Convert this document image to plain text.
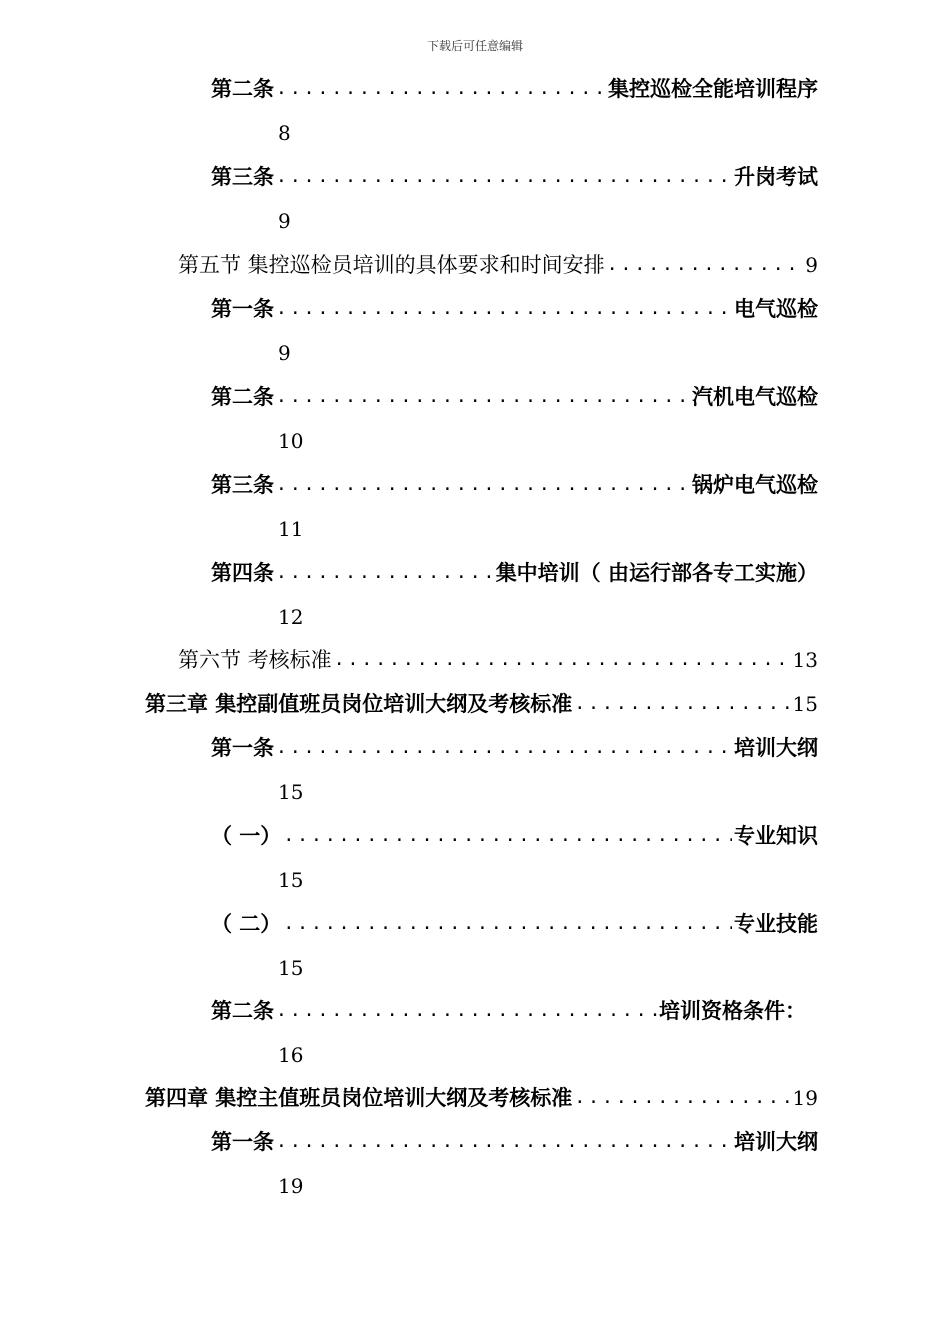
下载后可任意编辑
第二条 .....	集控巡检全能培训程序
8
第三条 .....	升岗考试
9
第五节 集控巡检员培训的具体要求和时间安排 .....	9
第一条 .....	电气巡检
9
第二条 .....	汽机电气巡检
10
第三条 .....	锅炉电气巡检
11
第四条 .....	集中培训（ 由运行部各专工实施）
12
第六节 考核标准 .....	13
第三章 集控副值班员岗位培训大纲及考核标准 .....	15
第一条 .....	培训大纲
15
（ 一） .....	专业知识
15
（ 二） .....	专业技能
15
第二条 .....	培训资格条件：
16
第四章 集控主值班员岗位培训大纲及考核标准 .....	19
第一条 .....	培训大纲
19
